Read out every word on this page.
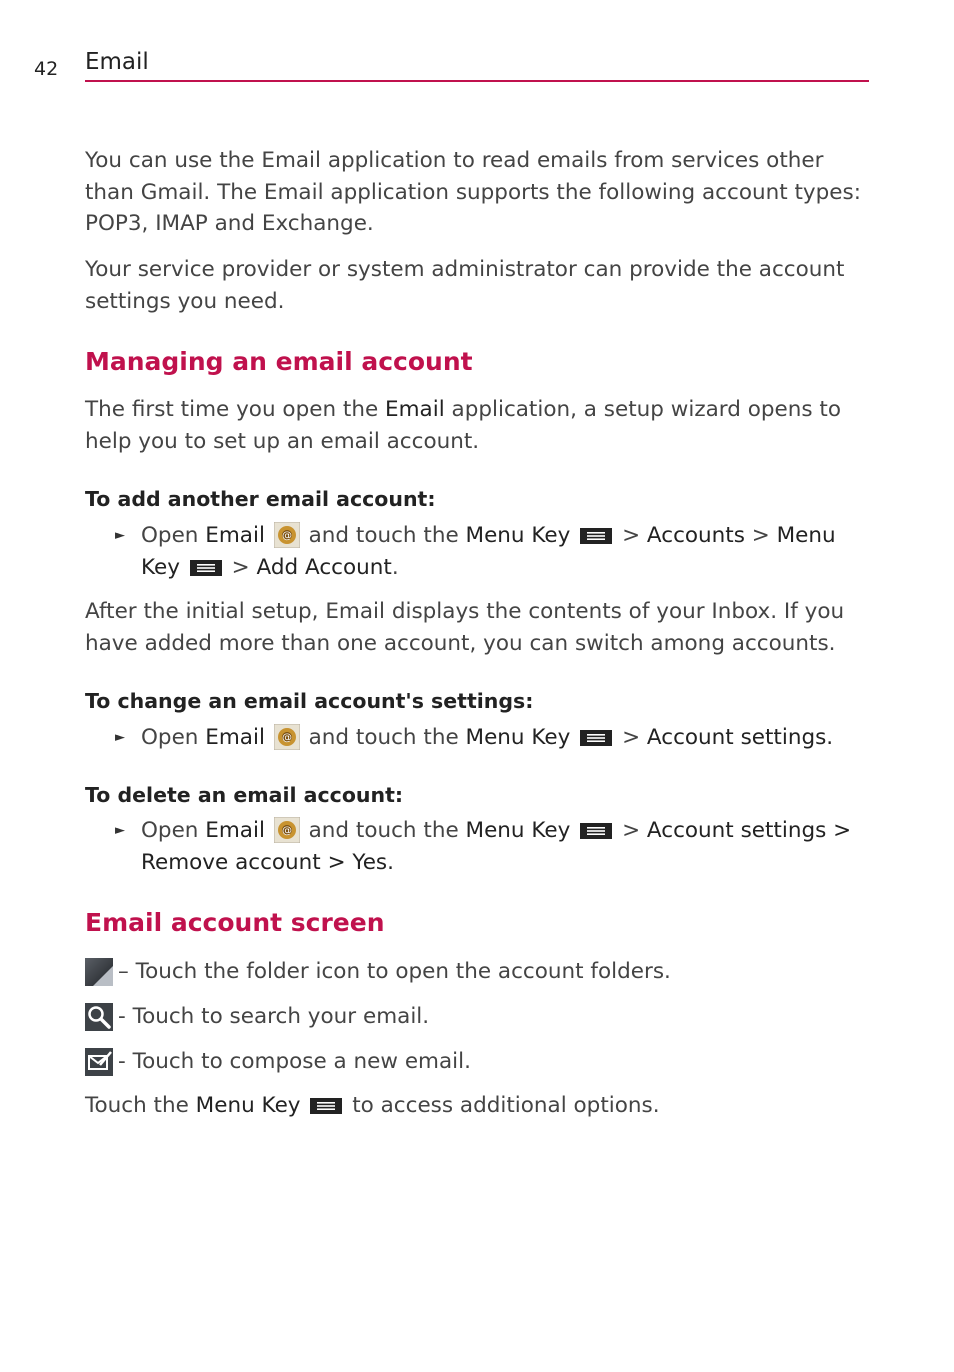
42 Email
You can use the Email application to read emails from services other than Gmail. The Email application supports the following account types: POP3, IMAP and Exchange.
Your service provider or system administrator can provide the account settings you need.
Managing an email account
The first time you open the Email application, a setup wizard opens to help you to set up an email account.
To add another email account:
► Open Email @ and touch the Menu Key  > Accounts > Menu Key  > Add Account.
After the initial setup, Email displays the contents of your Inbox. If you have added more than one account, you can switch among accounts.
To change an email account's settings:
► Open Email @ and touch the Menu Key  > Account settings.
To delete an email account:
► Open Email @ and touch the Menu Key  > Account settings > Remove account > Yes.
Email account screen
– Touch the folder icon to open the account folders.
- Touch to search your email.
- Touch to compose a new email.
Touch the Menu Key  to access additional options.
